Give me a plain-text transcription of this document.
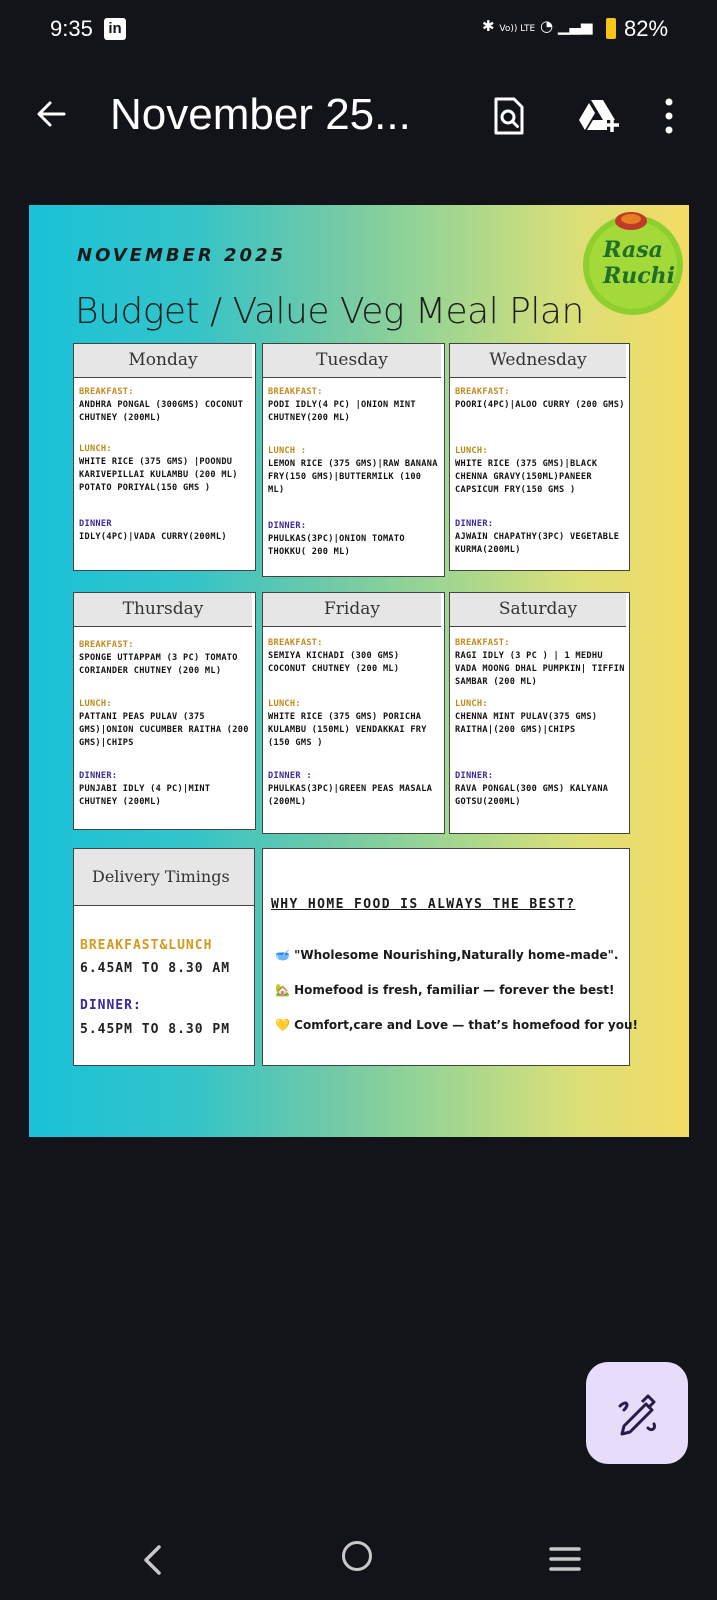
9:35 in	✱ Vo)) LTE ◔ ▁▃▅ 82%
November 25...
NOVEMBER 2025
Budget / Value Veg Meal Plan
Rasa
Ruchi
Monday
BREAKFAST:
ANDHRA PONGAL (300GMS) COCONUT CHUTNEY (200ML)
LUNCH:
WHITE RICE (375 GMS) |POONDU KARIVEPILLAI KULAMBU (200 ML) POTATO PORIYAL(150 GMS )
DINNER
IDLY(4PC)|VADA CURRY(200ML)
Tuesday
BREAKFAST:
PODI IDLY(4 PC) |ONION MINT CHUTNEY(200 ML)
LUNCH :
LEMON RICE (375 GMS)|RAW BANANA FRY(150 GMS)|BUTTERMILK (100 ML)
DINNER:
PHULKAS(3PC)|ONION TOMATO THOKKU( 200 ML)
Wednesday
BREAKFAST:
POORI(4PC)|ALOO CURRY (200 GMS)
LUNCH:
WHITE RICE (375 GMS)|BLACK CHENNA GRAVY(150ML)PANEER CAPSICUM FRY(150 GMS )
DINNER:
AJWAIN CHAPATHY(3PC) VEGETABLE KURMA(200ML)
Thursday
BREAKFAST:
SPONGE UTTAPPAM (3 PC) TOMATO CORIANDER CHUTNEY (200 ML)
LUNCH:
PATTANI PEAS PULAV (375 GMS)|ONION CUCUMBER RAITHA (200 GMS)|CHIPS
DINNER:
PUNJABI IDLY (4 PC)|MINT CHUTNEY (200ML)
Friday
BREAKFAST:
SEMIYA KICHADI (300 GMS) COCONUT CHUTNEY (200 ML)
LUNCH:
WHITE RICE (375 GMS) PORICHA KULAMBU (150ML) VENDAKKAI FRY (150 GMS )
DINNER :
PHULKAS(3PC)|GREEN PEAS MASALA (200ML)
Saturday
BREAKFAST:
RAGI IDLY (3 PC ) | 1 MEDHU VADA MOONG DHAL PUMPKIN| TIFFIN SAMBAR (200 ML)
LUNCH:
CHENNA MINT PULAV(375 GMS) RAITHA|(200 GMS)|CHIPS
DINNER:
RAVA PONGAL(300 GMS) KALYANA GOTSU(200ML)
Delivery Timings
BREAKFAST&LUNCH
6.45AM TO 8.30 AM
DINNER:
5.45PM TO 8.30 PM
WHY HOME FOOD IS ALWAYS THE BEST?
🥣 "Wholesome Nourishing,Naturally home-made".
🏡 Homefood is fresh, familiar — forever the best!
💛 Comfort,care and Love — that’s homefood for you!
